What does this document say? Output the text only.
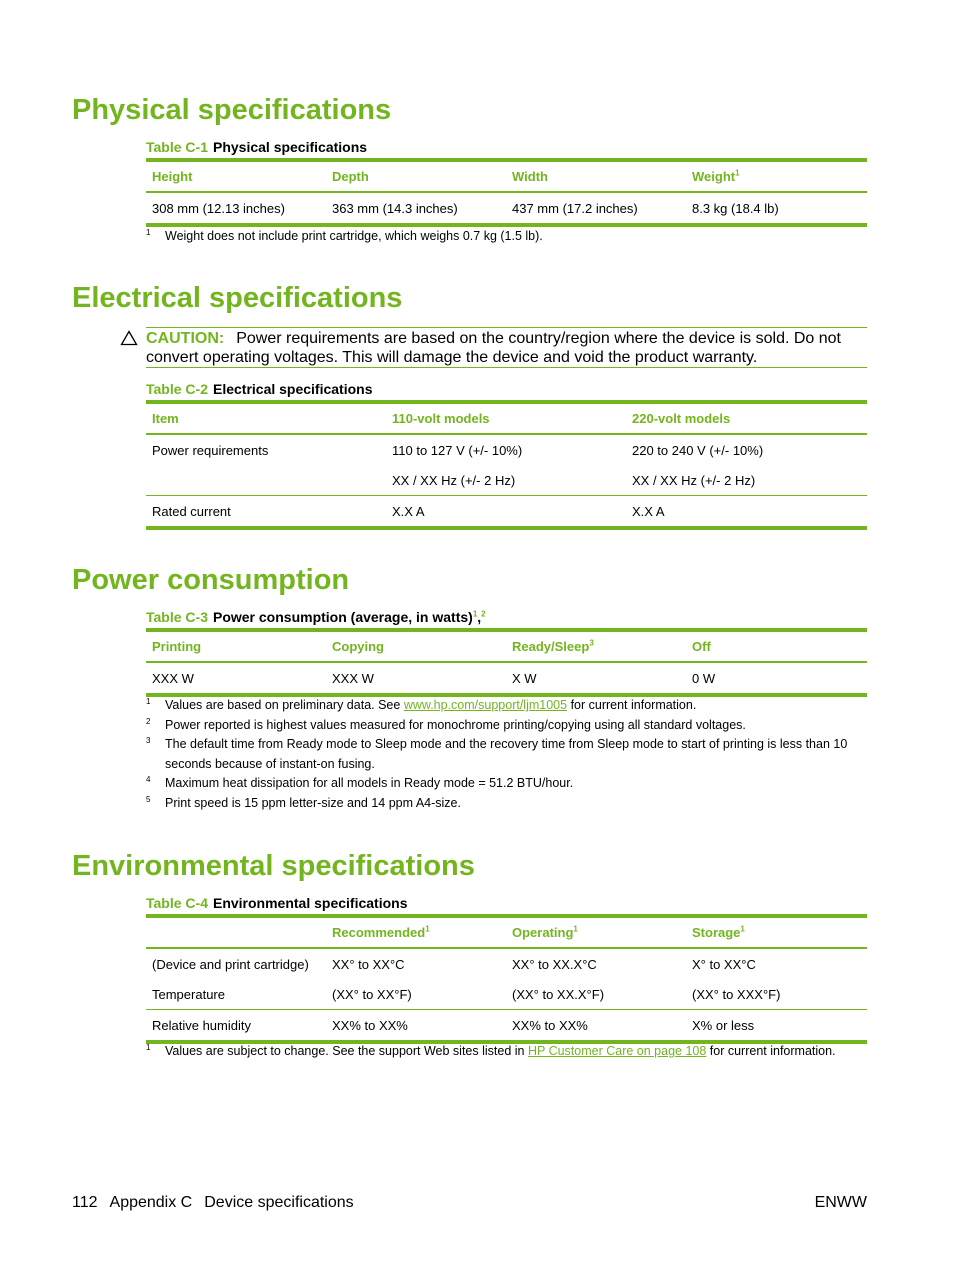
Physical specifications
Table C-1 Physical specifications
Height	Depth	Width	Weight$^1$
308 mm (12.13 inches)	363 mm (14.3 inches)	437 mm (17.2 inches)	8.3 kg (18.4 lb)
1	Weight does not include print cartridge, which weighs 0.7 kg (1.5 lb).
Electrical specifications
CAUTION: Power requirements are based on the country/region where the device is sold. Do not convert operating voltages. This will damage the device and void the product warranty.
Table C-2 Electrical specifications
Item	110-volt models	220-volt models
Power requirements	110 to 127 V (+/- 10%)	220 to 240 V (+/- 10%)
	XX / XX Hz (+/- 2 Hz)	XX / XX Hz (+/- 2 Hz)
Rated current	X.X A	X.X A
Power consumption
Table C-3 Power consumption (average, in watts)$^1$,$^2$
Printing	Copying	Ready/Sleep$^3$	Off
XXX W	XXX W	X W	0 W
1	Values are based on preliminary data. See www.hp.com/support/ljm1005 for current information.
2	Power reported is highest values measured for monochrome printing/copying using all standard voltages.
3	The default time from Ready mode to Sleep mode and the recovery time from Sleep mode to start of printing is less than 10 seconds because of instant-on fusing.
4	Maximum heat dissipation for all models in Ready mode = 51.2 BTU/hour.
5	Print speed is 15 ppm letter-size and 14 ppm A4-size.
Environmental specifications
Table C-4 Environmental specifications
	Recommended$^1$	Operating$^1$	Storage$^1$
(Device and print cartridge)	XX° to XX°C	XX° to XX.X°C	X° to XX°C
Temperature	(XX° to XX°F)	(XX° to XX.X°F)	(XX° to XXX°F)
Relative humidity	XX% to XX%	XX% to XX%	X% or less
1	Values are subject to change. See the support Web sites listed in HP Customer Care on page 108 for current information.
112 Appendix C Device specifications	ENWW
